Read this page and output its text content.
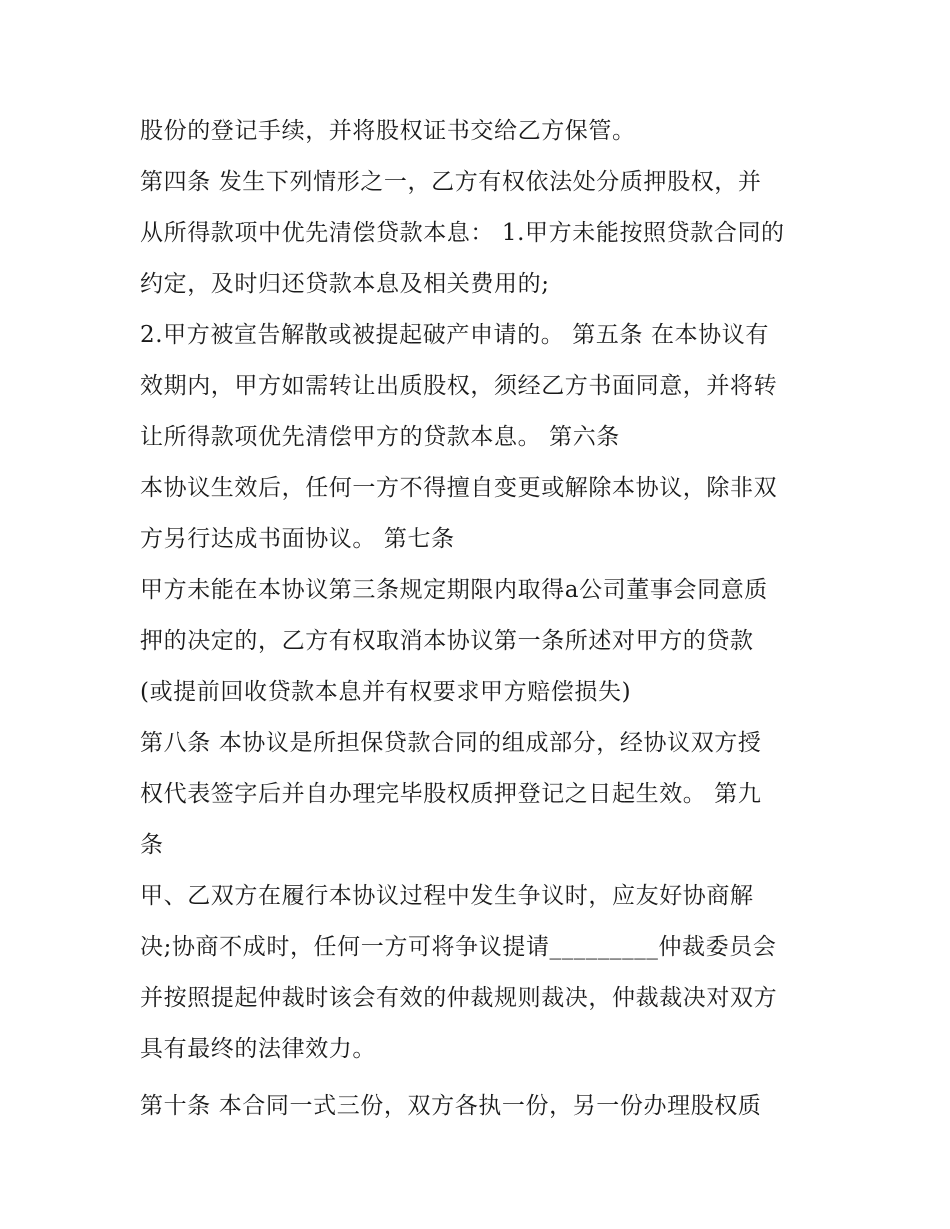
股份的登记手续，并将股权证书交给乙方保管。
第四条 发生下列情形之一，乙方有权依法处分质押股权，并
从所得款项中优先清偿贷款本息： 1.甲方未能按照贷款合同的
约定，及时归还贷款本息及相关费用的;
2.甲方被宣告解散或被提起破产申请的。 第五条 在本协议有
效期内，甲方如需转让出质股权，须经乙方书面同意，并将转
让所得款项优先清偿甲方的贷款本息。 第六条
本协议生效后，任何一方不得擅自变更或解除本协议，除非双
方另行达成书面协议。 第七条
甲方未能在本协议第三条规定期限内取得a公司董事会同意质
押的决定的，乙方有权取消本协议第一条所述对甲方的贷款
(或提前回收贷款本息并有权要求甲方赔偿损失)
第八条 本协议是所担保贷款合同的组成部分，经协议双方授
权代表签字后并自办理完毕股权质押登记之日起生效。 第九
条
甲、乙双方在履行本协议过程中发生争议时，应友好协商解
决;协商不成时，任何一方可将争议提请_________仲裁委员会
并按照提起仲裁时该会有效的仲裁规则裁决，仲裁裁决对双方
具有最终的法律效力。
第十条 本合同一式三份，双方各执一份，另一份办理股权质
